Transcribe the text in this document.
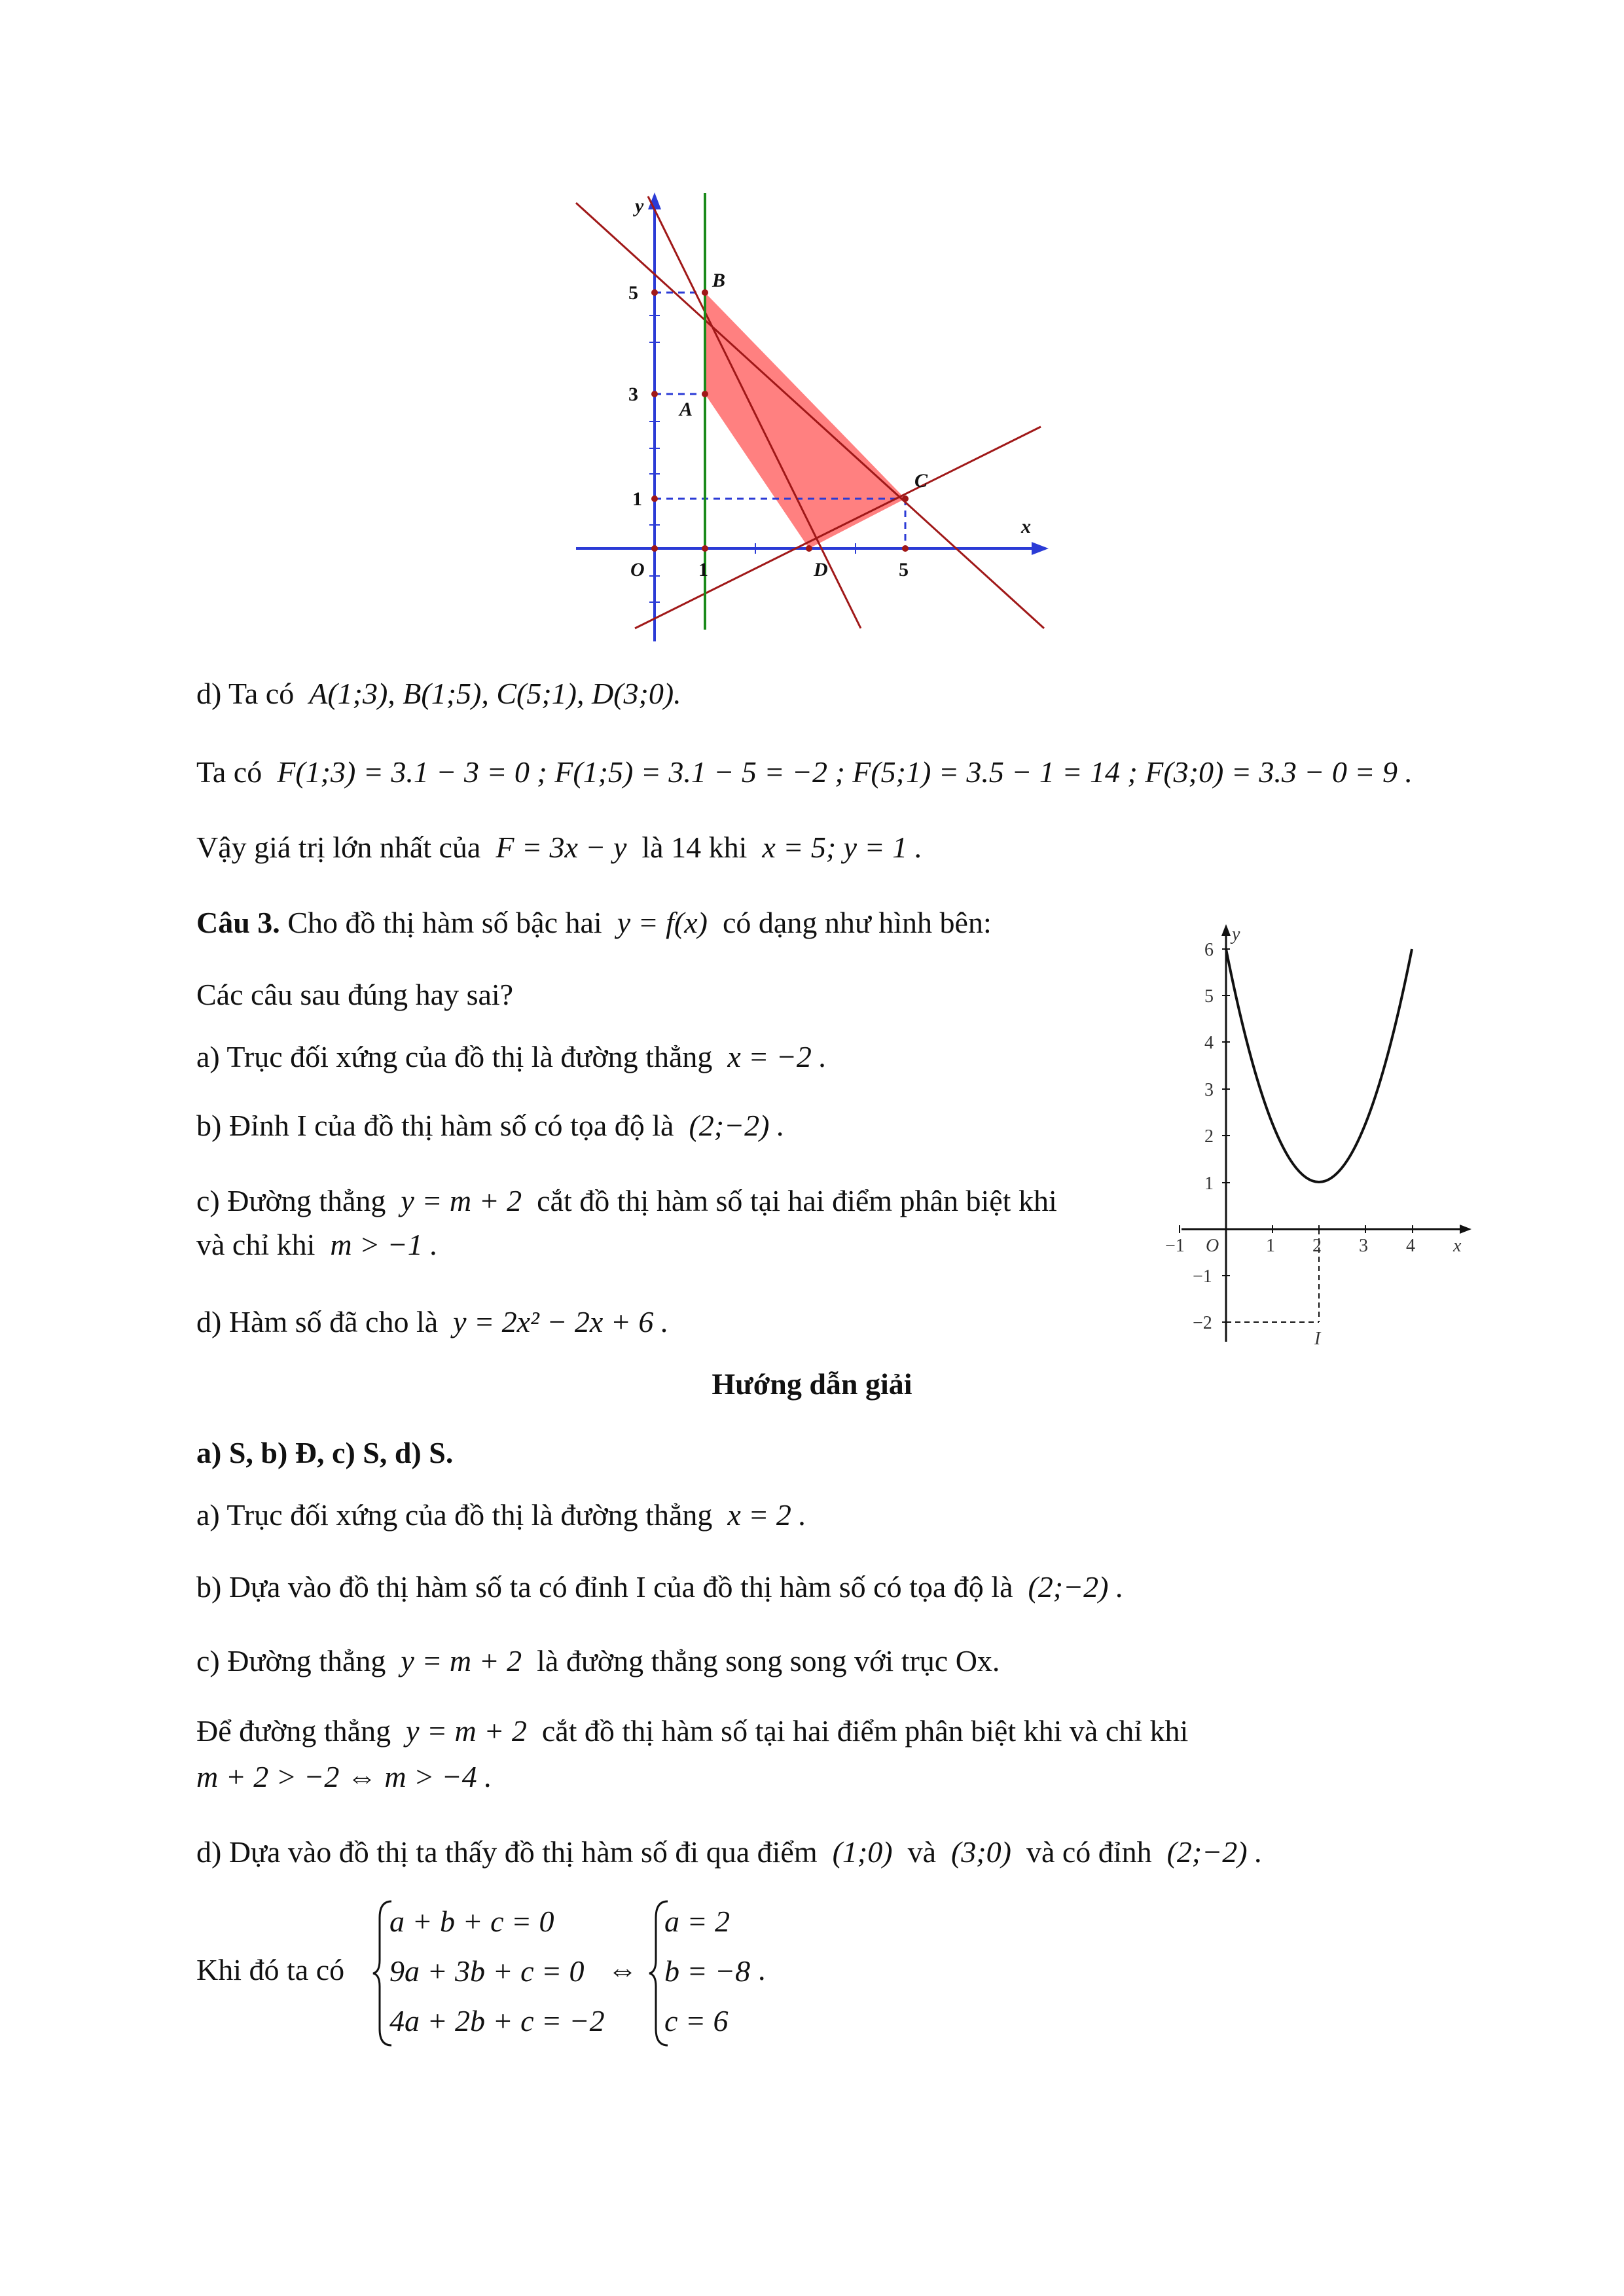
y
x
O
B
A
C
D
5
3
1
1	5
d) Ta có A(1;3), B(1;5), C(5;1), D(3;0).
Ta có F(1;3) = 3.1 − 3 = 0 ; F(1;5) = 3.1 − 5 = −2 ; F(5;1) = 3.5 − 1 = 14 ; F(3;0) = 3.3 − 0 = 9 .
Vậy giá trị lớn nhất của F = 3x − y là 14 khi x = 5; y = 1 .
Câu 3. Cho đồ thị hàm số bậc hai y = f(x) có dạng như hình bên:
Các câu sau đúng hay sai?
a) Trục đối xứng của đồ thị là đường thẳng x = −2 .
b) Đỉnh I của đồ thị hàm số có tọa độ là (2;−2) .
c) Đường thẳng y = m + 2 cắt đồ thị hàm số tại hai điểm phân biệt khi
và chỉ khi m > −1 .
d) Hàm số đã cho là y = 2x² − 2x + 6 .
6
5
4
3
2
1
−1
−2
−1	1 2 3 4
y
x
O
I
Hướng dẫn giải
a) S, b) Đ, c) S, d) S.
a) Trục đối xứng của đồ thị là đường thẳng x = 2 .
b) Dựa vào đồ thị hàm số ta có đỉnh I của đồ thị hàm số có tọa độ là (2;−2) .
c) Đường thẳng y = m + 2 là đường thẳng song song với trục Ox.
Để đường thẳng y = m + 2 cắt đồ thị hàm số tại hai điểm phân biệt khi và chỉ khi
m + 2 > −2 ⇔ m > −4 .
d) Dựa vào đồ thị ta thấy đồ thị hàm số đi qua điểm (1;0) và (3;0) và có đỉnh (2;−2) .
Khi đó ta có
a + b + c = 0
9a + 3b + c = 0
4a + 2b + c = −2
⇔
a = 2
b = −8
c = 6
.
